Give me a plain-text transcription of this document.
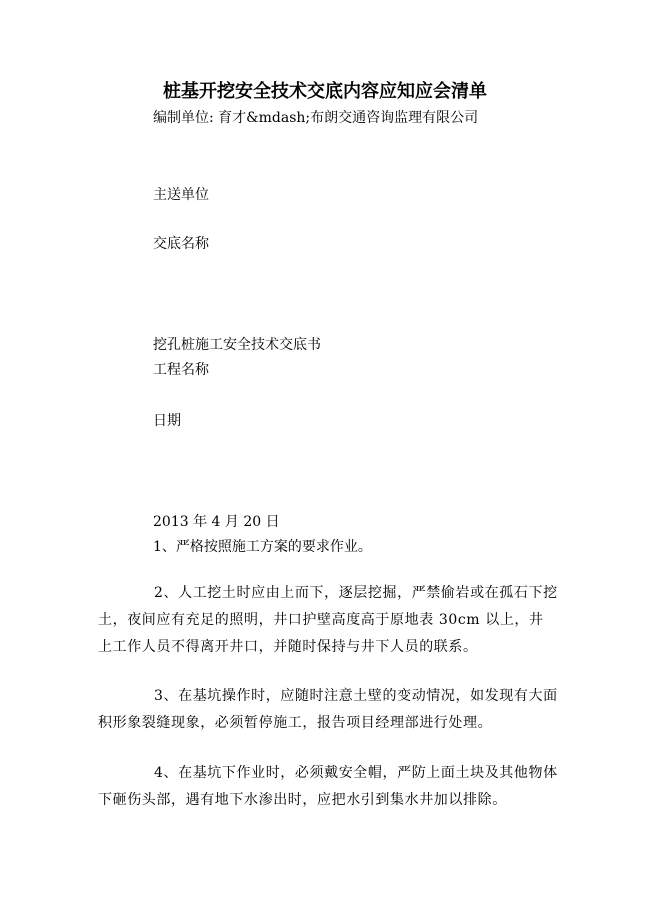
桩基开挖安全技术交底内容应知应会清单
编制单位: 育才&mdash;布朗交通咨询监理有限公司
主送单位
交底名称
挖孔桩施工安全技术交底书
工程名称
日期
2013 年 4 月 20 日
1、严格按照施工方案的要求作业。
2、人工挖土时应由上而下，逐层挖掘，严禁偷岩或在孤石下挖土，夜间应有充足的照明，井口护壁高度高于原地表 30cm 以上，井上工作人员不得离开井口，并随时保持与井下人员的联系。
3、在基坑操作时，应随时注意土壁的变动情况，如发现有大面积形象裂缝现象，必须暂停施工，报告项目经理部进行处理。
4、在基坑下作业时，必须戴安全帽，严防上面土块及其他物体下砸伤头部，遇有地下水渗出时，应把水引到集水井加以排除。
